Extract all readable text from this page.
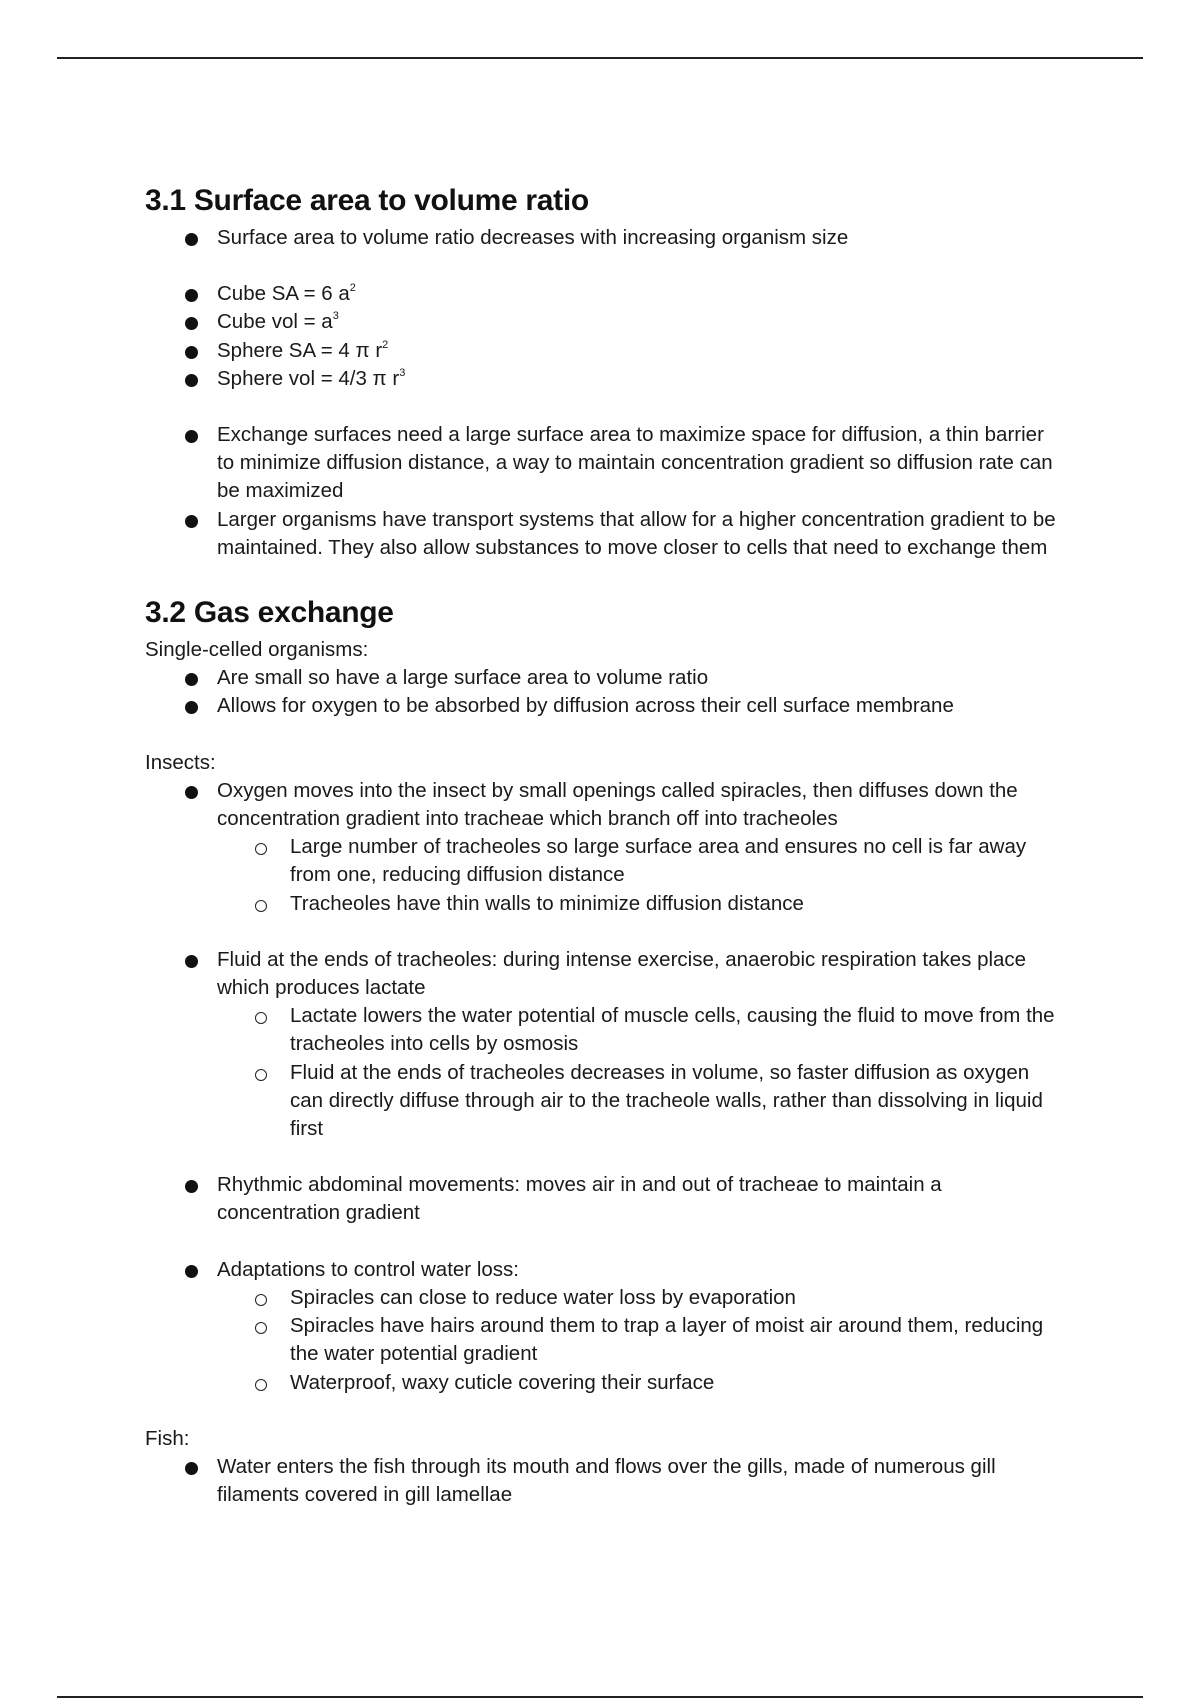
3.1 Surface area to volume ratio
Surface area to volume ratio decreases with increasing organism size
Cube SA = 6 $a^2$
Cube vol = $a^3$
Sphere SA = 4 π $r^2$
Sphere vol = 4/3 π $r^3$
Exchange surfaces need a large surface area to maximize space for diffusion, a thin barrier to minimize diffusion distance, a way to maintain concentration gradient so diffusion rate can be maximized
Larger organisms have transport systems that allow for a higher concentration gradient to be maintained. They also allow substances to move closer to cells that need to exchange them
3.2 Gas exchange

Single-celled organisms:

Are small so have a large surface area to volume ratio
Allows for oxygen to be absorbed by diffusion across their cell surface membrane

Insects:

Oxygen moves into the insect by small openings called spiracles, then diffuses down the concentration gradient into tracheae which branch off into tracheoles
Large number of tracheoles so large surface area and ensures no cell is far away from one, reducing diffusion distance
Tracheoles have thin walls to minimize diffusion distance
Fluid at the ends of tracheoles: during intense exercise, anaerobic respiration takes place which produces lactate
Lactate lowers the water potential of muscle cells, causing the fluid to move from the tracheoles into cells by osmosis
Fluid at the ends of tracheoles decreases in volume, so faster diffusion as oxygen can directly diffuse through air to the tracheole walls, rather than dissolving in liquid first
Rhythmic abdominal movements: moves air in and out of tracheae to maintain a concentration gradient
Adaptations to control water loss:
Spiracles can close to reduce water loss by evaporation
Spiracles have hairs around them to trap a layer of moist air around them, reducing the water potential gradient
Waterproof, waxy cuticle covering their surface

Fish:

Water enters the fish through its mouth and flows over the gills, made of numerous gill filaments covered in gill lamellae
